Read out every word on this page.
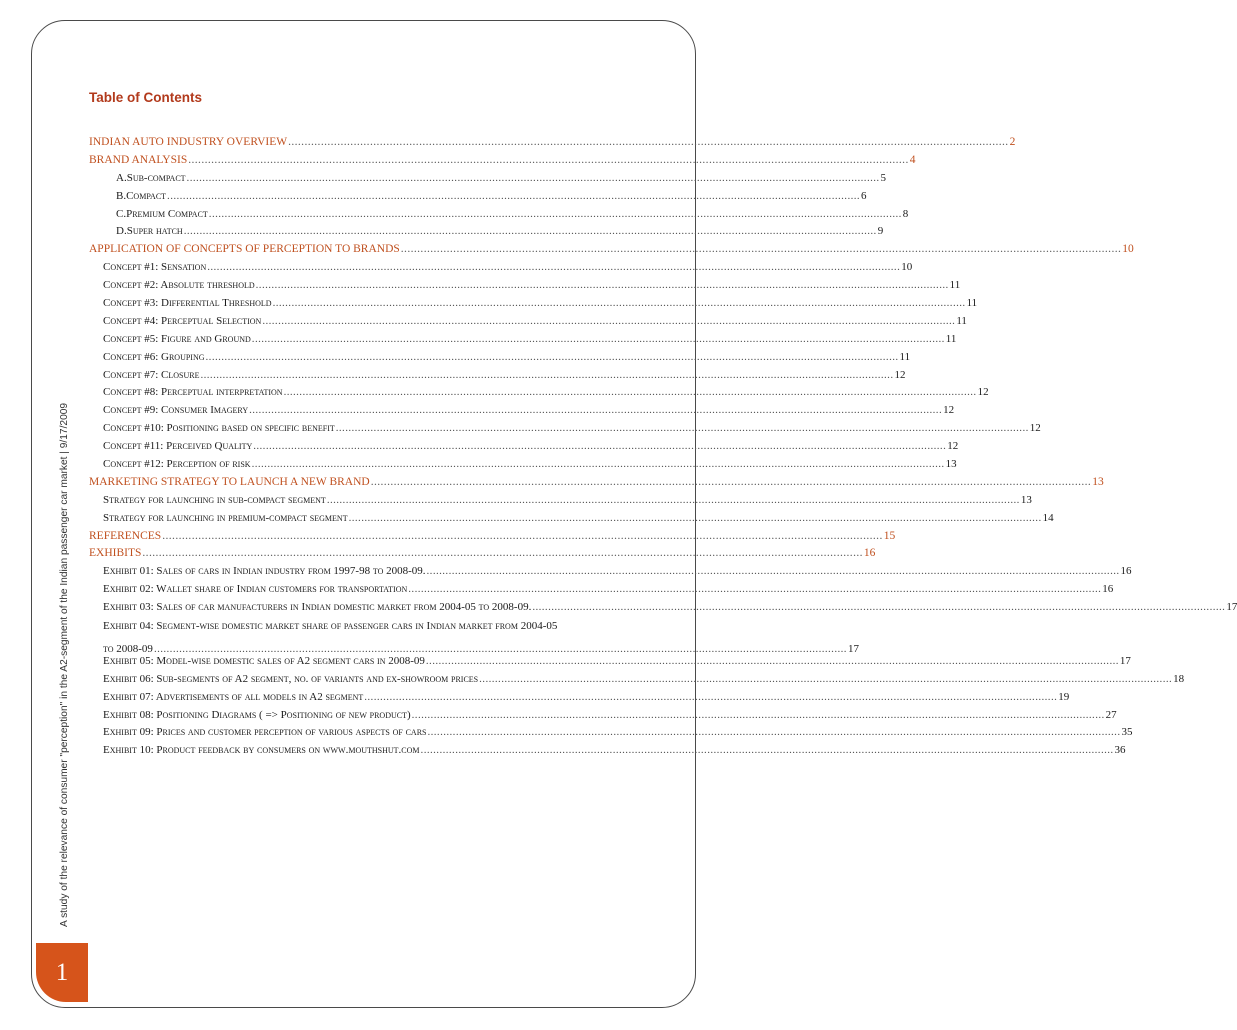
A study of the relevance of consumer "perception" in the A2-segment of the Indian passenger car market | 9/17/2009
1
Table of Contents
INDIAN AUTO INDUSTRY OVERVIEW ............................................................................................................................................................................................................................ 2
BRAND ANALYSIS ............................................................................................................................................................................................................................ 4
A. Sub-compact ............................................................................................................................................................................................................................ 5
B. Compact ............................................................................................................................................................................................................................ 6
C. Premium Compact ............................................................................................................................................................................................................................ 8
D. Super hatch ............................................................................................................................................................................................................................ 9
APPLICATION OF CONCEPTS OF PERCEPTION TO BRANDS ............................................................................................................................................................................................................................ 10
Concept #1: Sensation ............................................................................................................................................................................................................................ 10
Concept #2: Absolute threshold ............................................................................................................................................................................................................................ 11
Concept #3: Differential Threshold ............................................................................................................................................................................................................................ 11
Concept #4: Perceptual Selection ............................................................................................................................................................................................................................ 11
Concept #5: Figure and Ground ............................................................................................................................................................................................................................ 11
Concept #6: Grouping ............................................................................................................................................................................................................................ 11
Concept #7: Closure ............................................................................................................................................................................................................................ 12
Concept #8: Perceptual interpretation ............................................................................................................................................................................................................................ 12
Concept #9: Consumer Imagery ............................................................................................................................................................................................................................ 12
Concept #10: Positioning based on specific benefit ............................................................................................................................................................................................................................ 12
Concept #11: Perceived Quality ............................................................................................................................................................................................................................ 12
Concept #12: Perception of risk ............................................................................................................................................................................................................................ 13
MARKETING STRATEGY TO LAUNCH A NEW BRAND ............................................................................................................................................................................................................................ 13
Strategy for launching in sub-compact segment ............................................................................................................................................................................................................................ 13
Strategy for launching in premium-compact segment ............................................................................................................................................................................................................................ 14
REFERENCES ............................................................................................................................................................................................................................ 15
EXHIBITS ............................................................................................................................................................................................................................ 16
Exhibit 01: Sales of cars in Indian industry from 1997-98 to 2008-09. ............................................................................................................................................................................................................................ 16
Exhibit 02: Wallet share of Indian customers for transportation ............................................................................................................................................................................................................................ 16
Exhibit 03: Sales of car manufacturers in Indian domestic market from 2004-05 to 2008-09. ............................................................................................................................................................................................................................ 17
Exhibit 04: Segment-wise domestic market share of passenger cars in Indian market from 2004-05
to 2008-09 ............................................................................................................................................................................................................................ 17
Exhibit 05: Model-wise domestic sales of A2 segment cars in 2008-09 ............................................................................................................................................................................................................................ 17
Exhibit 06: Sub-segments of A2 segment, no. of variants and ex-showroom prices ............................................................................................................................................................................................................................ 18
Exhibit 07: Advertisements of all models in A2 segment ............................................................................................................................................................................................................................ 19
Exhibit 08: Positioning Diagrams ( => Positioning of new product) ............................................................................................................................................................................................................................ 27
Exhibit 09: Prices and customer perception of various aspects of cars ............................................................................................................................................................................................................................ 35
Exhibit 10: Product feedback by consumers on www.mouthshut.com ............................................................................................................................................................................................................................ 36
